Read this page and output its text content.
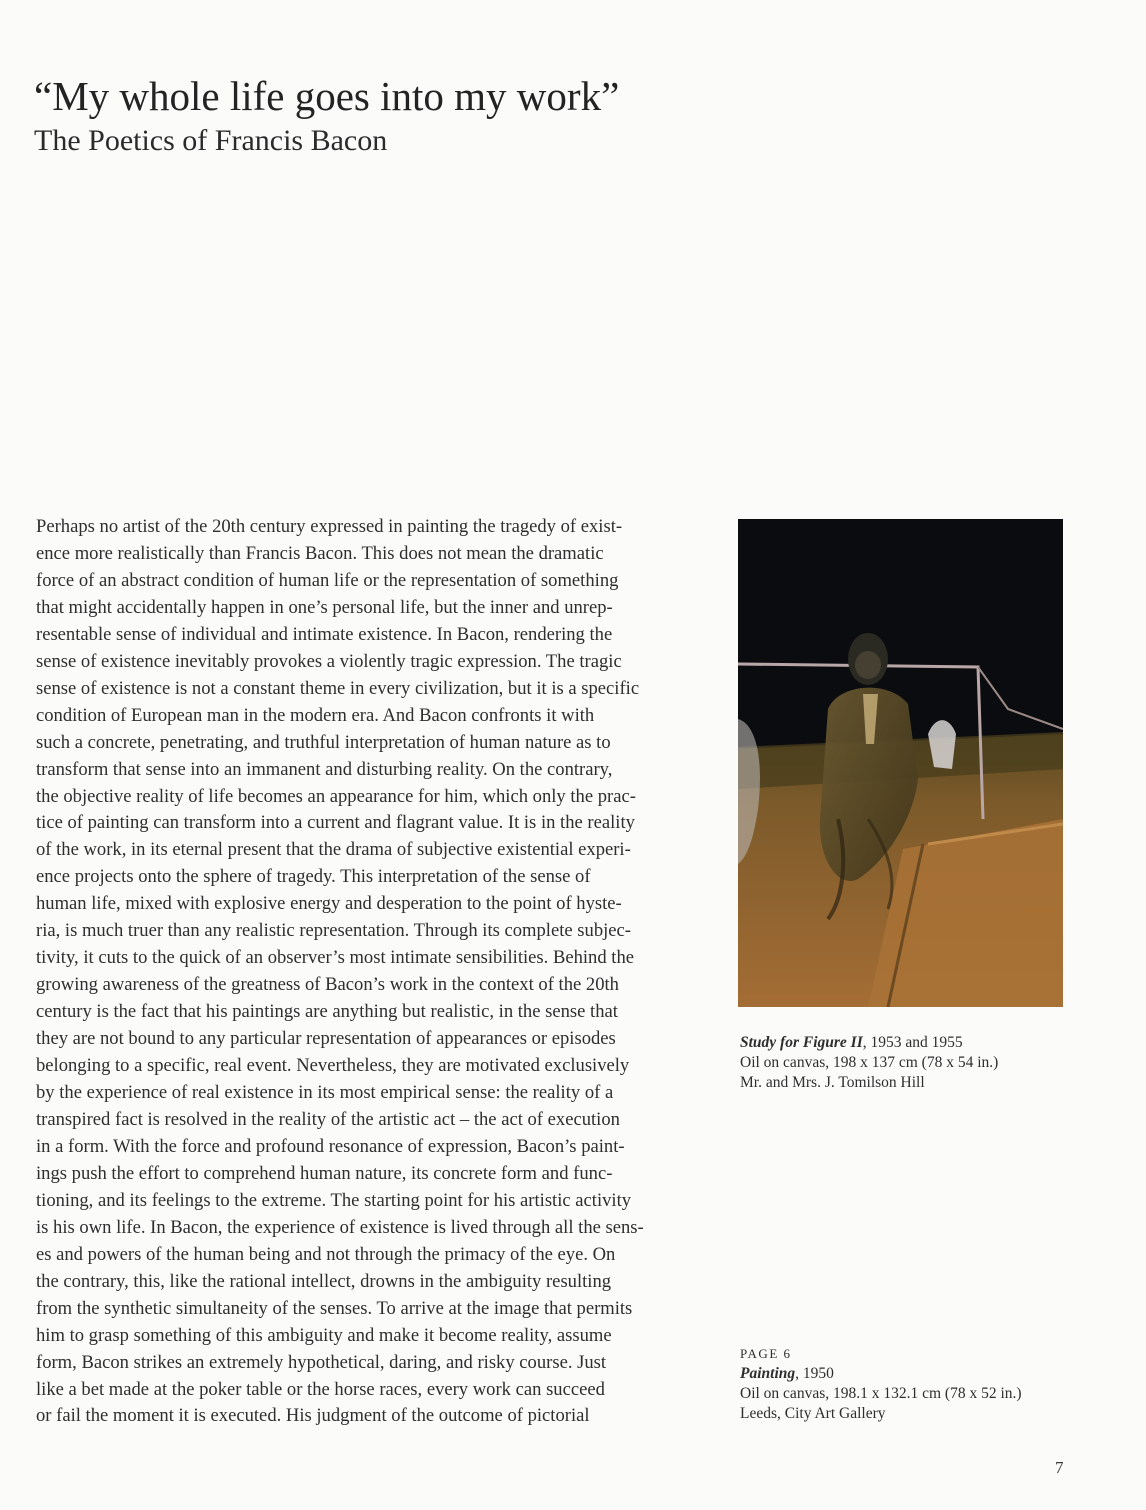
“My whole life goes into my work”
The Poetics of Francis Bacon
Perhaps no artist of the 20th century expressed in painting the tragedy of exist-
ence more realistically than Francis Bacon. This does not mean the dramatic
force of an abstract condition of human life or the representation of something
that might accidentally happen in one’s personal life, but the inner and unrep-
resentable sense of individual and intimate existence. In Bacon, rendering the
sense of existence inevitably provokes a violently tragic expression. The tragic
sense of existence is not a constant theme in every civilization, but it is a specific
condition of European man in the modern era. And Bacon confronts it with
such a concrete, penetrating, and truthful interpretation of human nature as to
transform that sense into an immanent and disturbing reality. On the contrary,
the objective reality of life becomes an appearance for him, which only the prac-
tice of painting can transform into a current and flagrant value. It is in the reality
of the work, in its eternal present that the drama of subjective existential experi-
ence projects onto the sphere of tragedy. This interpretation of the sense of
human life, mixed with explosive energy and desperation to the point of hyste-
ria, is much truer than any realistic representation. Through its complete subjec-
tivity, it cuts to the quick of an observer’s most intimate sensibilities. Behind the
growing awareness of the greatness of Bacon’s work in the context of the 20th
century is the fact that his paintings are anything but realistic, in the sense that
they are not bound to any particular representation of appearances or episodes
belonging to a specific, real event. Nevertheless, they are motivated exclusively
by the experience of real existence in its most empirical sense: the reality of a
transpired fact is resolved in the reality of the artistic act – the act of execution
in a form. With the force and profound resonance of expression, Bacon’s paint-
ings push the effort to comprehend human nature, its concrete form and func-
tioning, and its feelings to the extreme. The starting point for his artistic activity
is his own life. In Bacon, the experience of existence is lived through all the sens-
es and powers of the human being and not through the primacy of the eye. On
the contrary, this, like the rational intellect, drowns in the ambiguity resulting
from the synthetic simultaneity of the senses. To arrive at the image that permits
him to grasp something of this ambiguity and make it become reality, assume
form, Bacon strikes an extremely hypothetical, daring, and risky course. Just
like a bet made at the poker table or the horse races, every work can succeed
or fail the moment it is executed. His judgment of the outcome of pictorial
Study for Figure II, 1953 and 1955
Oil on canvas, 198 x 137 cm (78 x 54 in.)
Mr. and Mrs. J. Tomilson Hill
PAGE 6
Painting, 1950
Oil on canvas, 198.1 x 132.1 cm (78 x 52 in.)
Leeds, City Art Gallery
7
